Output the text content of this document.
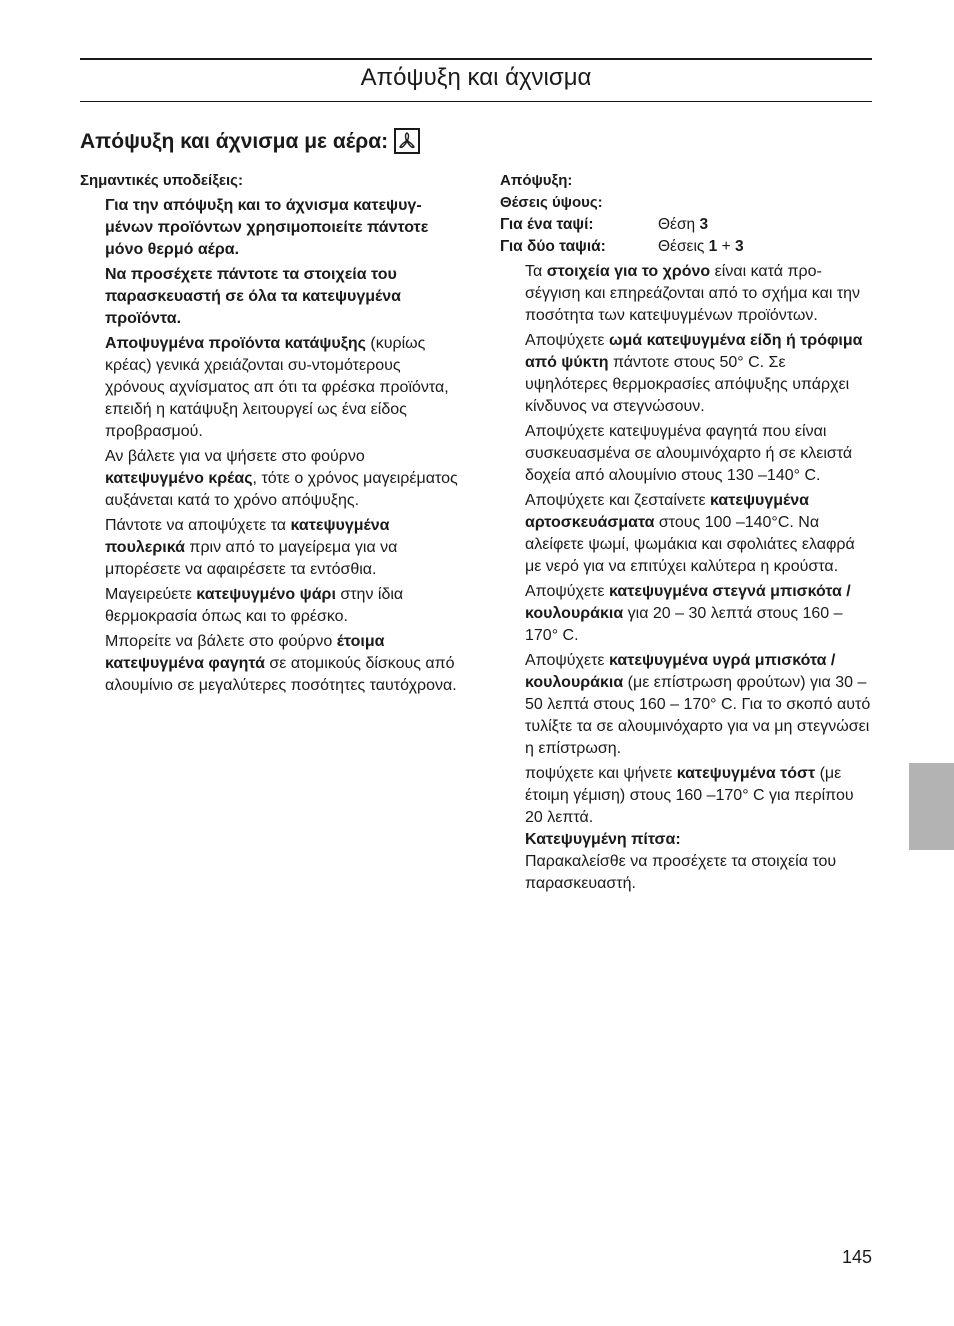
Απόψυξη και άχνισμα
Απόψυξη και άχνισμα με αέρα:

Σημαντικές υποδείξεις:

Για την απόψυξη και το άχνισμα κατεψυγ-μένων προϊόντων χρησιμοποιείτε πάντοτε μόνο θερμό αέρα.

Να προσέχετε πάντοτε τα στοιχεία του παρασκευαστή σε όλα τα κατεψυγμένα προϊόντα.

Αποψυγμένα προϊόντα κατάψυξης (κυρίως κρέας) γενικά χρειάζονται συ-ντομότερους χρόνους αχνίσματος απ ότι τα φρέσκα προϊόντα, επειδή η κατάψυξη λειτουργεί ως ένα είδος προβρασμού.

Αν βάλετε για να ψήσετε στο φούρνο κατεψυγμένο κρέας, τότε ο χρόνος μαγειρέματος αυξάνεται κατά το χρόνο απόψυξης.

Πάντοτε να αποψύχετε τα κατεψυγμένα πουλερικά πριν από το μαγείρεμα για να μπορέσετε να αφαιρέσετε τα εντόσθια.

Μαγειρεύετε κατεψυγμένο ψάρι στην ίδια θερμοκρασία όπως και το φρέσκο.

Μπορείτε να βάλετε στο φούρνο έτοιμα κατεψυγμένα φαγητά σε ατομικούς δίσκους από αλουμίνιο σε μεγαλύτερες ποσότητες ταυτόχρονα.

Απόψυξη:
Θέσεις ύψους:
Για ένα ταψί:	Θέση 3
Για δύο ταψιά:	Θέσεις 1 + 3

Τα στοιχεία για το χρόνο είναι κατά προ-σέγγιση και επηρεάζονται από το σχήμα και την ποσότητα των κατεψυγμένων προϊόντων.

Αποψύχετε ωμά κατεψυγμένα είδη ή τρόφιμα από ψύκτη πάντοτε στους 50° C. Σε υψηλότερες θερμοκρασίες απόψυξης υπάρχει κίνδυνος να στεγνώσουν.

Αποψύχετε κατεψυγμένα φαγητά που είναι συσκευασμένα σε αλουμινόχαρτο ή σε κλειστά δοχεία από αλουμίνιο στους 130 –140° C.

Αποψύχετε και ζεσταίνετε κατεψυγμένα αρτοσκευάσματα στους 100 –140°C. Να αλείφετε ψωμί, ψωμάκια και σφολιάτες ελαφρά με νερό για να επιτύχει καλύτερα η κρούστα.

Αποψύχετε κατεψυγμένα στεγνά μπισκότα / κουλουράκια για 20 – 30 λεπτά στους 160 –170° C.

Αποψύχετε κατεψυγμένα υγρά μπισκότα / κουλουράκια (με επίστρωση φρούτων) για 30 – 50 λεπτά στους 160 – 170° C. Για το σκοπό αυτό τυλίξτε τα σε αλουμινόχαρτο για να μη στεγνώσει η επίστρωση.

ποψύχετε και ψήνετε κατεψυγμένα τόστ (με έτοιμη γέμιση) στους 160 –170° C για περίπου 20 λεπτά.

Κατεψυγμένη πίτσα:
Παρακαλείσθε να προσέχετε τα στοιχεία του παρασκευαστή.
145
